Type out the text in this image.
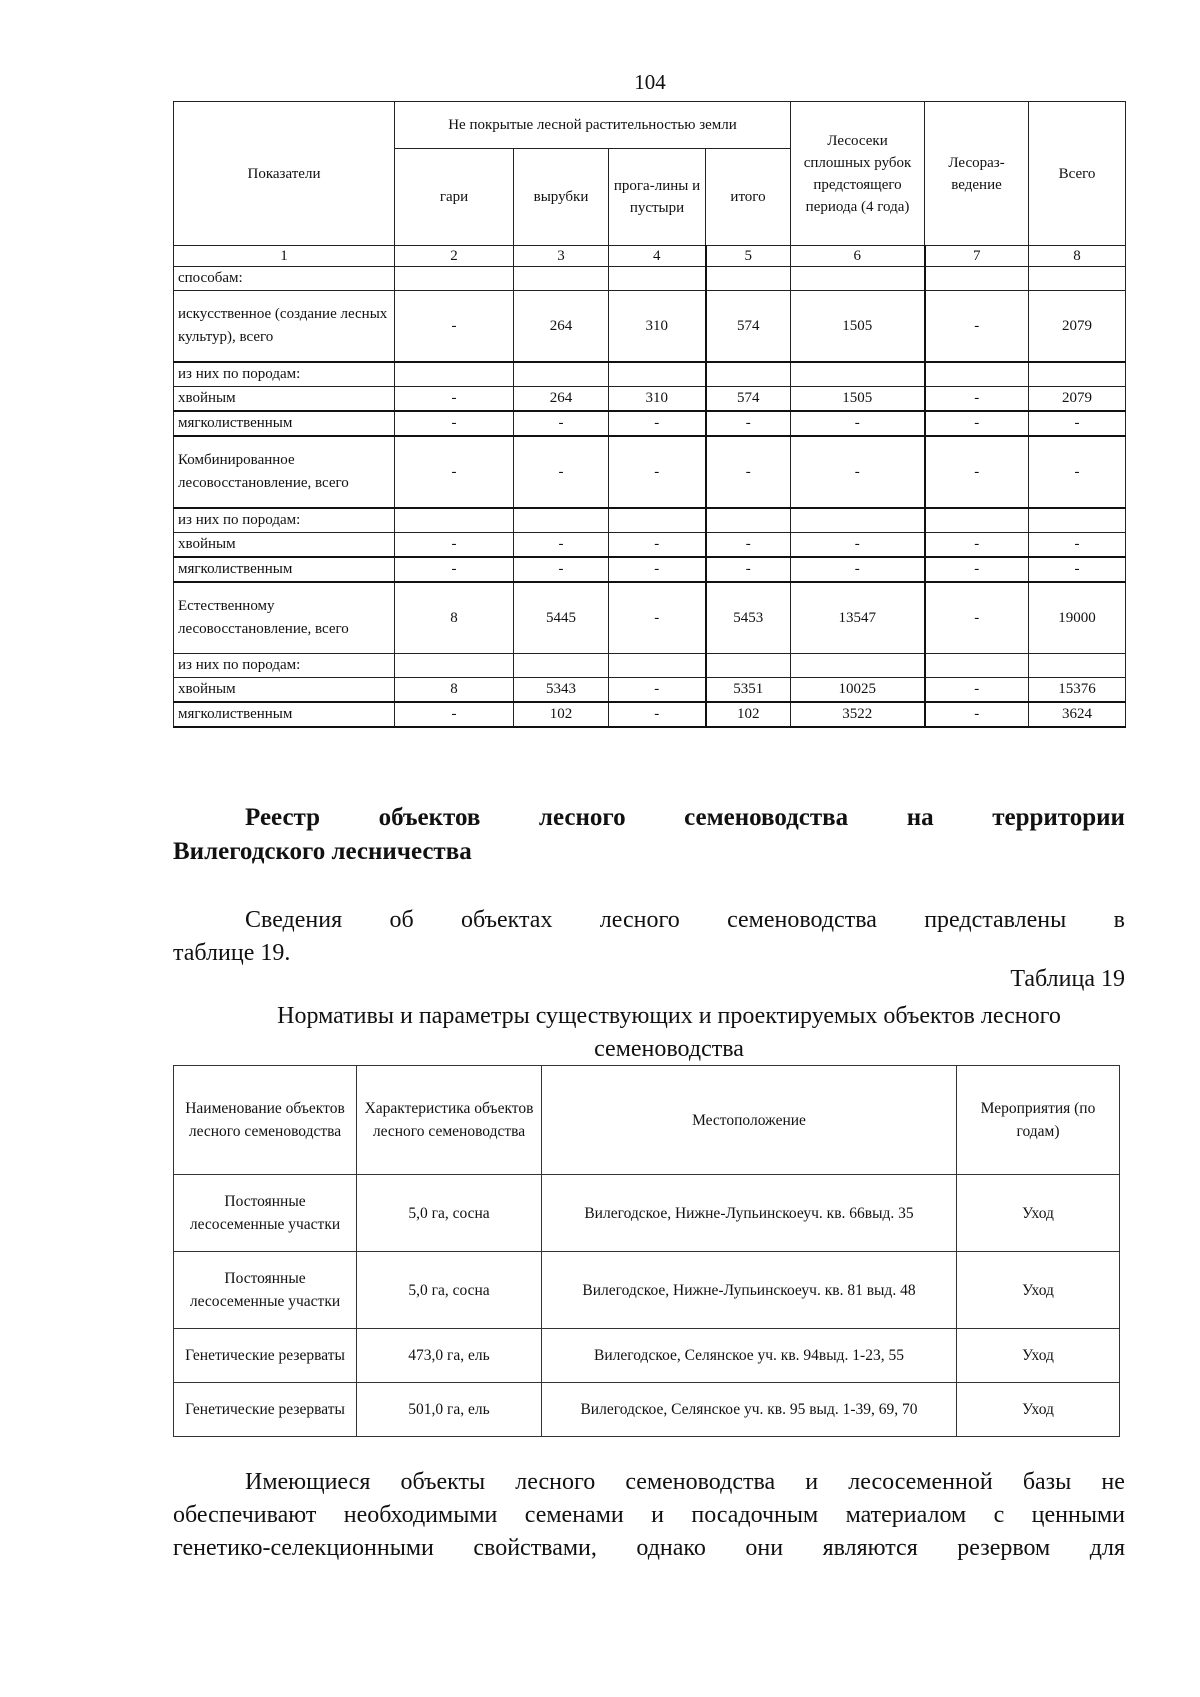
104
Показатели	Не покрытые лесной растительностью земли				Лесосеки сплошных рубок предстоящего периода (4 года)	Лесораз-ведение	Всего
	гари	вырубки	прога-лины и пустыри	итого			
1	2	3	4	5	6	7	8
способам:							
искусственное (создание лесных культур), всего	-	264	310	574	1505	-	2079
из них по породам:							
хвойным	-	264	310	574	1505	-	2079
мягколиственным	-	-	-	-	-	-	-
Комбинированное лесовосстановление, всего	-	-	-	-	-	-	-
из них по породам:							
хвойным	-	-	-	-	-	-	-
мягколиственным	-	-	-	-	-	-	-
Естественному лесовосстановление, всего	8	5445	-	5453	13547	-	19000
из них по породам:							
хвойным	8	5343	-	5351	10025	-	15376
мягколиственным	-	102	-	102	3522	-	3624
Реестр объектов лесного семеноводства на территории
Вилегодского лесничества
Сведения об объектах лесного семеноводства представлены в
таблице 19.
Таблица 19
Нормативы и параметры существующих и проектируемых объектов лесного семеноводства
Наименование объектов лесного семеноводства	Характеристика объектов лесного семеноводства	Местоположение	Мероприятия (по годам)
Постоянные лесосеменные участки	5,0 га, сосна	Вилегодское, Нижне-Лупьинскоеуч. кв. 66выд. 35	Уход
Постоянные лесосеменные участки	5,0 га, сосна	Вилегодское, Нижне-Лупьинскоеуч. кв. 81 выд. 48	Уход
Генетические резерваты	473,0 га, ель	Вилегодское, Селянское уч. кв. 94выд. 1-23, 55	Уход
Генетические резерваты	501,0 га, ель	Вилегодское, Селянское уч. кв. 95 выд. 1-39, 69, 70	Уход
Имеющиеся объекты лесного семеноводства и лесосеменной базы не
обеспечивают необходимыми семенами и посадочным материалом с ценными
генетико-селекционными свойствами, однако они являются резервом для
